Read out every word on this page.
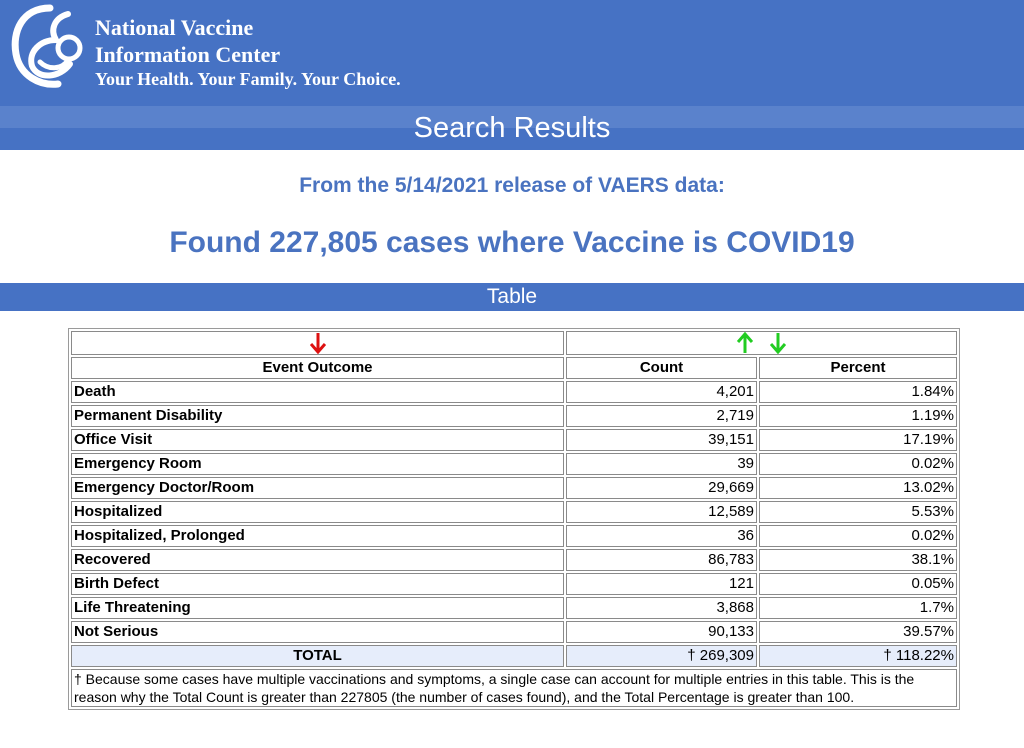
National Vaccine
Information Center
Your Health. Your Family. Your Choice.
Search Results
From the 5/14/2021 release of VAERS data:
Found 227,805 cases where Vaccine is COVID19
Table

Event Outcome	Count	Percent
Death	4,201	1.84%
Permanent Disability	2,719	1.19%
Office Visit	39,151	17.19%
Emergency Room	39	0.02%
Emergency Doctor/Room	29,669	13.02%
Hospitalized	12,589	5.53%
Hospitalized, Prolonged	36	0.02%
Recovered	86,783	38.1%
Birth Defect	121	0.05%
Life Threatening	3,868	1.7%
Not Serious	90,133	39.57%
TOTAL	† 269,309	† 118.22%
† Because some cases have multiple vaccinations and symptoms, a single case can account for multiple entries in this table. This is the reason why the Total Count is greater than 227805 (the number of cases found), and the Total Percentage is greater than 100.		
